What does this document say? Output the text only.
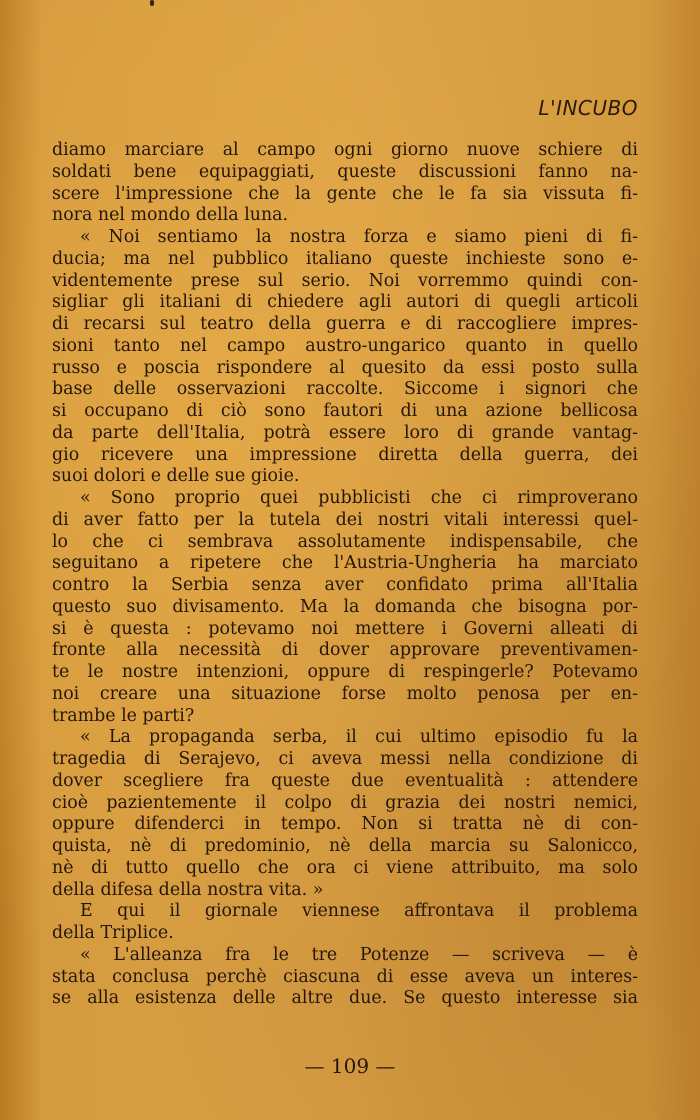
L'INCUBO

diamo marciare al campo ogni giorno nuove schiere di

soldati bene equipaggiati, queste discussioni fanno na-

scere l'impressione che la gente che le fa sia vissuta fi-

nora nel mondo della luna.

« Noi sentiamo la nostra forza e siamo pieni di fi-

ducia; ma nel pubblico italiano queste inchieste sono e-

videntemente prese sul serio. Noi vorremmo quindi con-

sigliar gli italiani di chiedere agli autori di quegli articoli

di recarsi sul teatro della guerra e di raccogliere impres-

sioni tanto nel campo austro-ungarico quanto in quello

russo e poscia rispondere al quesito da essi posto sulla

base delle osservazioni raccolte. Siccome i signori che

si occupano di ciò sono fautori di una azione bellicosa

da parte dell'Italia, potrà essere loro di grande vantag-

gio ricevere una impressione diretta della guerra, dei

suoi dolori e delle sue gioie.

« Sono proprio quei pubblicisti che ci rimproverano

di aver fatto per la tutela dei nostri vitali interessi quel-

lo che ci sembrava assolutamente indispensabile, che

seguitano a ripetere che l'Austria-Ungheria ha marciato

contro la Serbia senza aver confidato prima all'Italia

questo suo divisamento. Ma la domanda che bisogna por-

si è questa : potevamo noi mettere i Governi alleati di

fronte alla necessità di dover approvare preventivamen-

te le nostre intenzioni, oppure di respingerle? Potevamo

noi creare una situazione forse molto penosa per en-

trambe le parti?

« La propaganda serba, il cui ultimo episodio fu la

tragedia di Serajevo, ci aveva messi nella condizione di

dover scegliere fra queste due eventualità : attendere

cioè pazientemente il colpo di grazia dei nostri nemici,

oppure difenderci in tempo. Non si tratta nè di con-

quista, nè di predominio, nè della marcia su Salonicco,

nè di tutto quello che ora ci viene attribuito, ma solo

della difesa della nostra vita. »

E qui il giornale viennese affrontava il problema

della Triplice.

« L'alleanza fra le tre Potenze — scriveva — è

stata conclusa perchè ciascuna di esse aveva un interes-

se alla esistenza delle altre due. Se questo interesse sia

— 109 —
